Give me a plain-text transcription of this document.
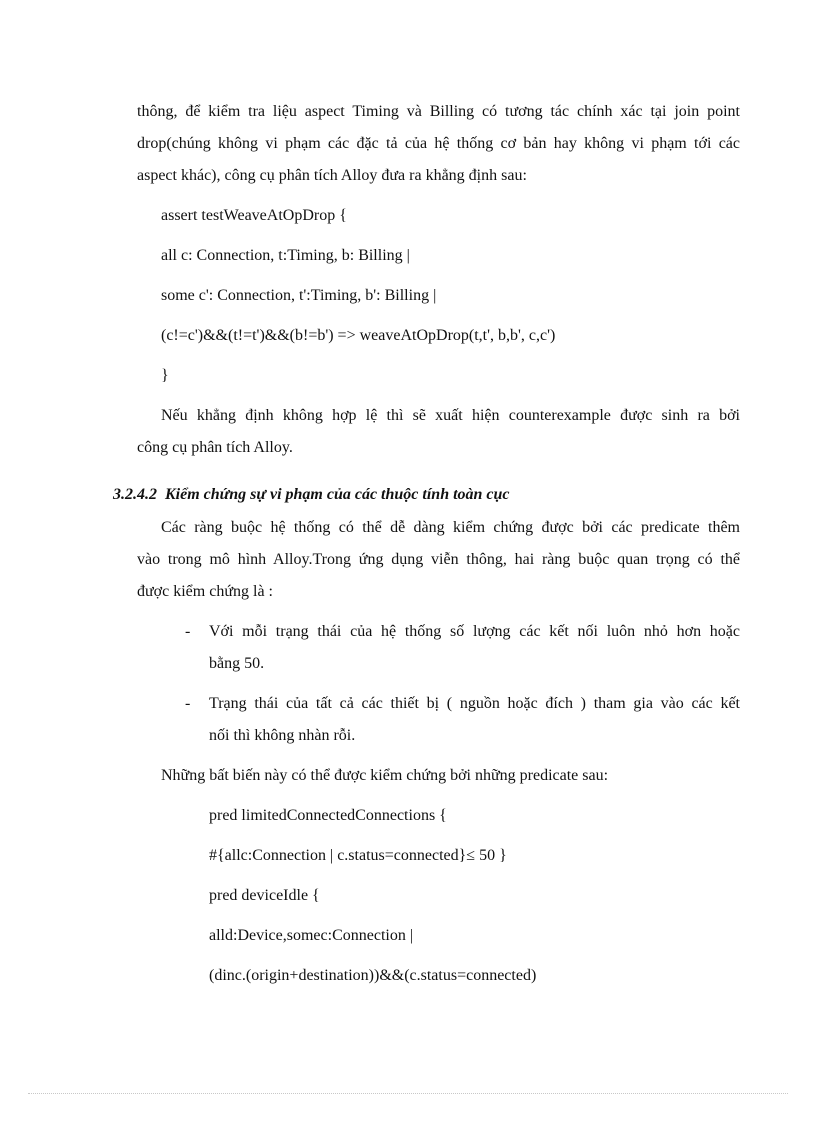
thông, để kiểm tra liệu aspect Timing và Billing có tương tác chính xác tại join point
drop(chúng không vi phạm các đặc tả của hệ thống cơ bản hay không vi phạm tới các
aspect khác), công cụ phân tích Alloy đưa ra khẳng định sau:
assert testWeaveAtOpDrop {
all c: Connection, t:Timing, b: Billing |
some c': Connection, t':Timing, b': Billing |
(c!=c')&&(t!=t')&&(b!=b') => weaveAtOpDrop(t,t', b,b', c,c')
}
Nếu khẳng định không hợp lệ thì sẽ xuất hiện counterexample được sinh ra bởi
công cụ phân tích Alloy.
3.2.4.2 Kiểm chứng sự vi phạm của các thuộc tính toàn cục
Các ràng buộc hệ thống có thể dễ dàng kiểm chứng được bởi các predicate thêm
vào trong mô hình Alloy.Trong ứng dụng viễn thông, hai ràng buộc quan trọng có thể
được kiểm chứng là :
- Với mỗi trạng thái của hệ thống số lượng các kết nối luôn nhỏ hơn hoặc
bằng 50.
- Trạng thái của tất cả các thiết bị ( nguồn hoặc đích ) tham gia vào các kết
nối thì không nhàn rỗi.
Những bất biến này có thể được kiểm chứng bởi những predicate sau:
pred limitedConnectedConnections {
#{allc:Connection | c.status=connected}≤ 50 }
pred deviceIdle {
alld:Device,somec:Connection |
(dinc.(origin+destination))&&(c.status=connected)
